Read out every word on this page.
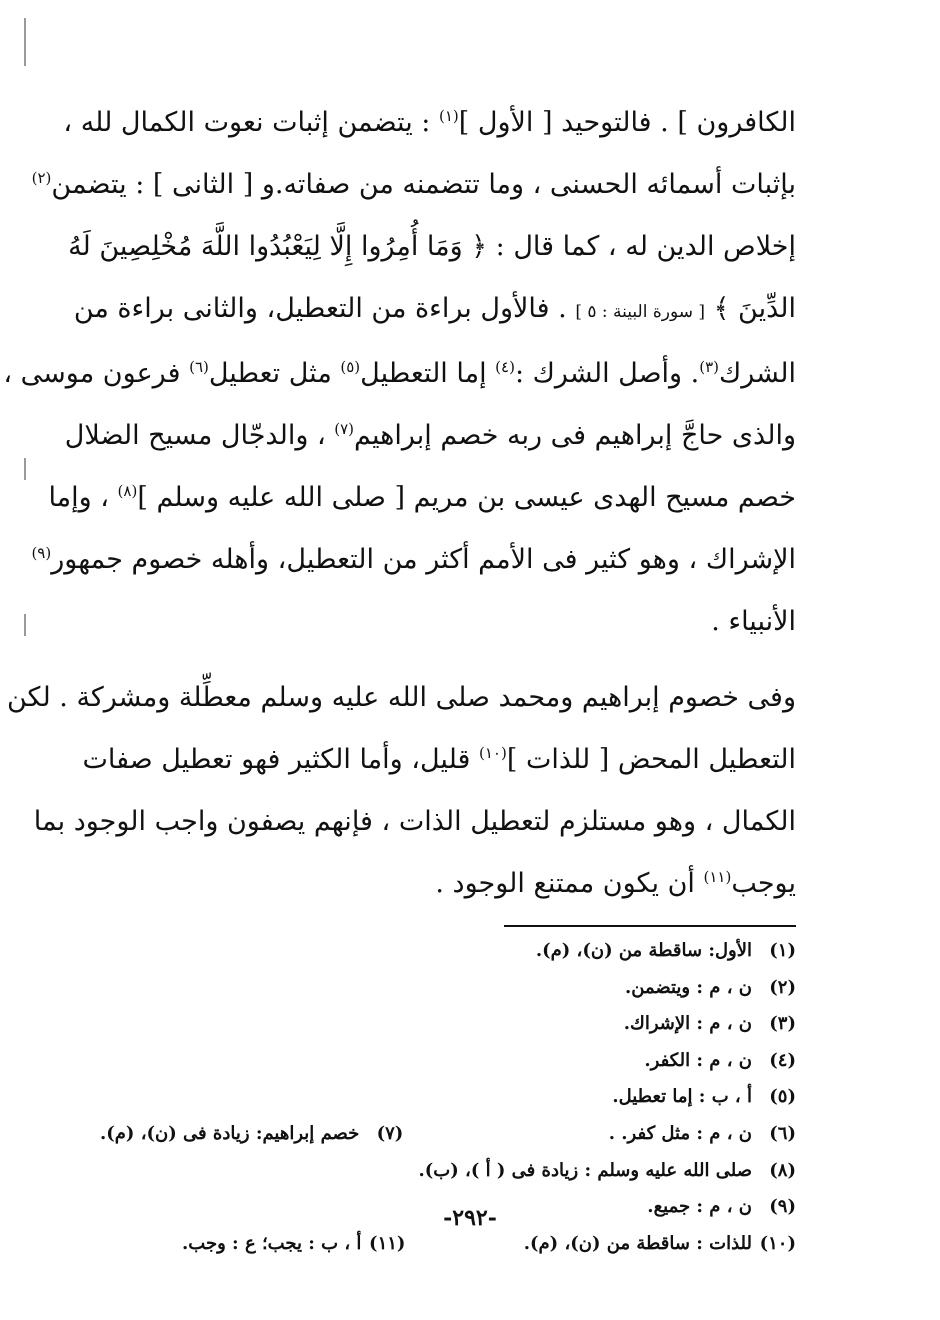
الكافرون ] . فالتوحيد [ الأول ]$^{(١)}$ : يتضمن إثبات نعوت الكمال لله ،
بإثبات أسمائه الحسنى ، وما تتضمنه من صفاته.و [ الثانى ] : يتضمن$^{(٢)}$
إخلاص الدين له ، كما قال : ﴿ وَمَا أُمِرُوا إِلَّا لِيَعْبُدُوا اللَّهَ مُخْلِصِينَ لَهُ
الدِّينَ ﴾ [ سورة البينة : ٥ ] . فالأول براءة من التعطيل، والثانى براءة من
الشرك$^{(٣)}$. وأصل الشرك :$^{(٤)}$ إما التعطيل$^{(٥)}$ مثل تعطيل$^{(٦)}$ فرعون موسى ،
والذى حاجَّ إبراهيم فى ربه خصم إبراهيم$^{(٧)}$ ، والدجّال مسيح الضلال
خصم مسيح الهدى عيسى بن مريم [ صلى الله عليه وسلم ]$^{(٨)}$ ، وإما
الإشراك ، وهو كثير فى الأمم أكثر من التعطيل، وأهله خصوم جمهور$^{(٩)}$
الأنبياء .

وفى خصوم إبراهيم ومحمد صلى الله عليه وسلم معطِّلة ومشركة . لكن
التعطيل المحض [ للذات ]$^{(١٠)}$ قليل، وأما الكثير فهو تعطيل صفات
الكمال ، وهو مستلزم لتعطيل الذات ، فإنهم يصفون واجب الوجود بما
يوجب$^{(١١)}$ أن يكون ممتنع الوجود .

(١)
الأول: ساقطة من (ن)، (م).
(٢)
ن ، م : ويتضمن.
(٣)
ن ، م : الإشراك.
(٤)
ن ، م : الكفر.
(٥)
أ ، ب : إما تعطيل.
(٦)
ن ، م : مثل كفر. .
(٧)خصم إبراهيم: زيادة فى (ن)، (م).
(٨)
صلى الله عليه وسلم : زيادة فى ( أ )، (ب).
(٩)
ن ، م : جميع.
(١٠)
للذات : ساقطة من (ن)، (م).
(١١)أ ، ب : يجب؛ ع : وجب.
-٢٩٢-
